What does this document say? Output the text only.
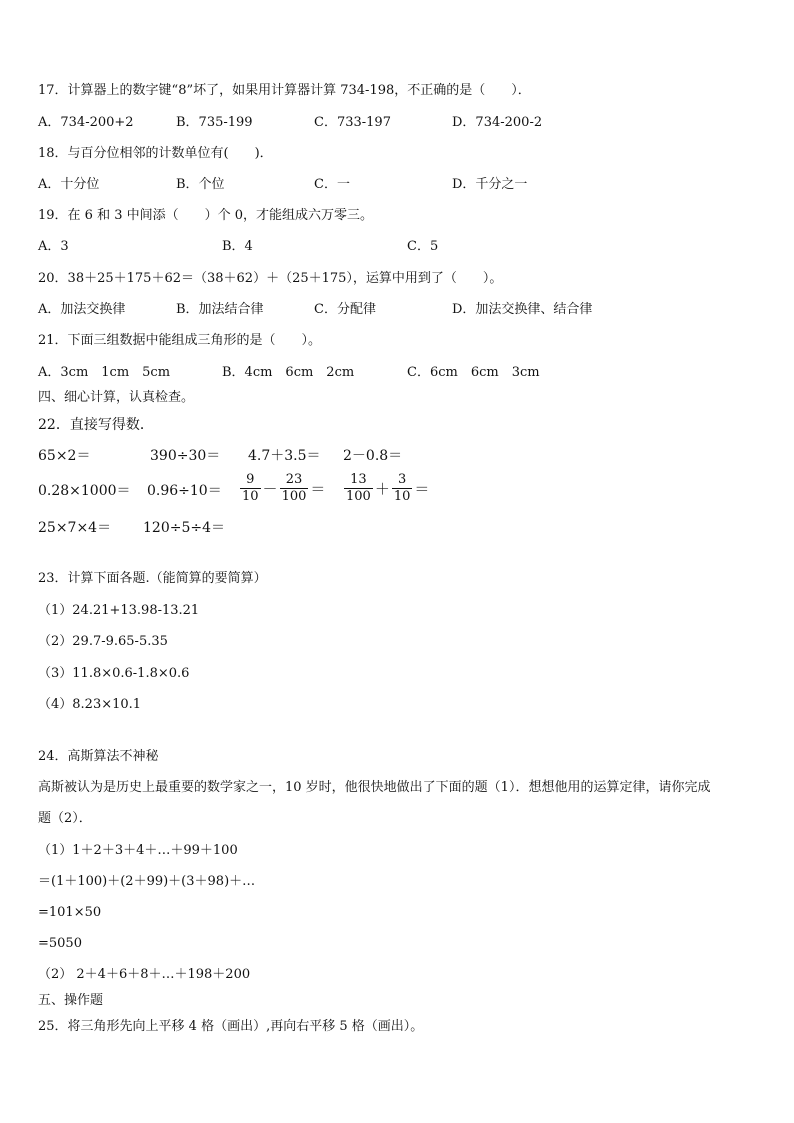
17．计算器上的数字键“8”坏了，如果用计算器计算 734-198，不正确的是（　　）．
A．734-200+2	B．735-199	C．733-197	D．734-200-2
18．与百分位相邻的计数单位有(　　)．
A．十分位	B．个位	C．一	D．千分之一
19．在 6 和 3 中间添（　　）个 0，才能组成六万零三。
A．3	B．4	C．5
20．38＋25＋175＋62＝（38＋62）＋（25＋175），运算中用到了（　　）。
A．加法交换律	B．加法结合律	C．分配律	D．加法交换律、结合律
21．下面三组数据中能组成三角形的是（　　）。
A．3cm　1cm　5cm	B．4cm　6cm　2cm	C．6cm　6cm　3cm
四、细心计算，认真检查。
22．直接写得数．
65×2＝	390÷30＝ 4.7＋3.5＝ 2－0.8＝
$0.28\times 1000= 0.96\div 10= \frac{9}{10} - \frac{23}{100} = \frac{13}{100} + \frac{3}{10}$ ＝
25×7×4＝ 120÷5÷4＝
23．计算下面各题.（能简算的要简算）
（1）24.21+13.98-13.21
（2）29.7-9.65-5.35
（3）11.8×0.6-1.8×0.6
（4）8.23×10.1
24．高斯算法不神秘
高斯被认为是历史上最重要的数学家之一，10 岁时，他很快地做出了下面的题（1）．想想他用的运算定律，请你完成
题（2）．
（1）1＋2＋3＋4＋…＋99＋100
＝(1＋100)＋(2＋99)＋(3＋98)＋…
=101×50
=5050
（2） 2＋4＋6＋8＋…＋198＋200
五、操作题
25．将三角形先向上平移 4 格（画出）,再向右平移 5 格（画出）。
